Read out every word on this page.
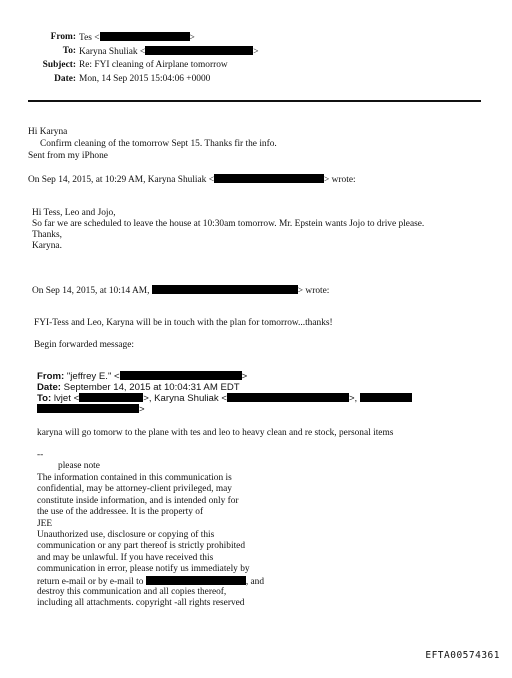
From: Tes <	>
To: Karyna Shuliak <	>
Subject: Re: FYI cleaning of Airplane tomorrow
Date: Mon, 14 Sep 2015 15:04:06 +0000
Hi Karyna
Confirm cleaning of the tomorrow Sept 15. Thanks fir the info.
Sent from my iPhone
On Sep 14, 2015, at 10:29 AM, Karyna Shuliak <	> wrote:
Hi Tess, Leo and Jojo,
So far we are scheduled to leave the house at 10:30am tomorrow. Mr. Epstein wants Jojo to drive please.
Thanks,
Karyna.
On Sep 14, 2015, at 10:14 AM,	> wrote:
FYI-Tess and Leo, Karyna will be in touch with the plan for tomorrow...thanks!
Begin forwarded message:
From: "jeffrey E." <	>
Date: September 14, 2015 at 10:04:31 AM EDT
To: lvjet <	>, Karyna Shuliak <	>,
>
karyna will go tomorw to the plane with tes and leo to heavy clean and re stock, personal items
--
please note
The information contained in this communication is
confidential, may be attorney-client privileged, may
constitute inside information, and is intended only for
the use of the addressee. It is the property of
JEE
Unauthorized use, disclosure or copying of this
communication or any part thereof is strictly prohibited
and may be unlawful. If you have received this
communication in error, please notify us immediately by
return e-mail or by e-mail to	, and
destroy this communication and all copies thereof,
including all attachments. copyright -all rights reserved
EFTA00574361
